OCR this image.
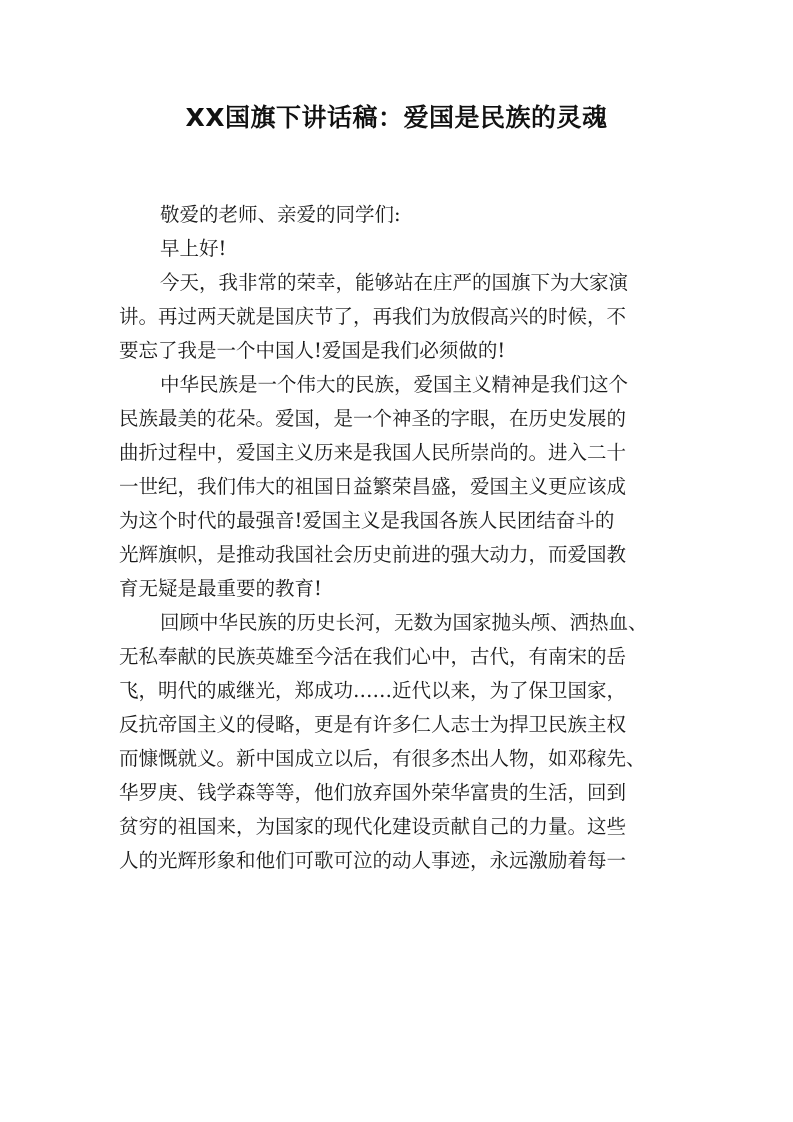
XX国旗下讲话稿：爱国是民族的灵魂
敬爱的老师、亲爱的同学们:
早上好!
今天，我非常的荣幸，能够站在庄严的国旗下为大家演
讲。再过两天就是国庆节了，再我们为放假高兴的时候，不
要忘了我是一个中国人!爱国是我们必须做的!
中华民族是一个伟大的民族，爱国主义精神是我们这个
民族最美的花朵。爱国，是一个神圣的字眼，在历史发展的
曲折过程中，爱国主义历来是我国人民所崇尚的。进入二十
一世纪，我们伟大的祖国日益繁荣昌盛，爱国主义更应该成
为这个时代的最强音!爱国主义是我国各族人民团结奋斗的
光辉旗帜，是推动我国社会历史前进的强大动力，而爱国教
育无疑是最重要的教育!
回顾中华民族的历史长河，无数为国家抛头颅、洒热血、
无私奉献的民族英雄至今活在我们心中，古代，有南宋的岳
飞，明代的戚继光，郑成功……近代以来，为了保卫国家，
反抗帝国主义的侵略，更是有许多仁人志士为捍卫民族主权
而慷慨就义。新中国成立以后，有很多杰出人物，如邓稼先、
华罗庚、钱学森等等，他们放弃国外荣华富贵的生活，回到
贫穷的祖国来，为国家的现代化建设贡献自己的力量。这些
人的光辉形象和他们可歌可泣的动人事迹，永远激励着每一
